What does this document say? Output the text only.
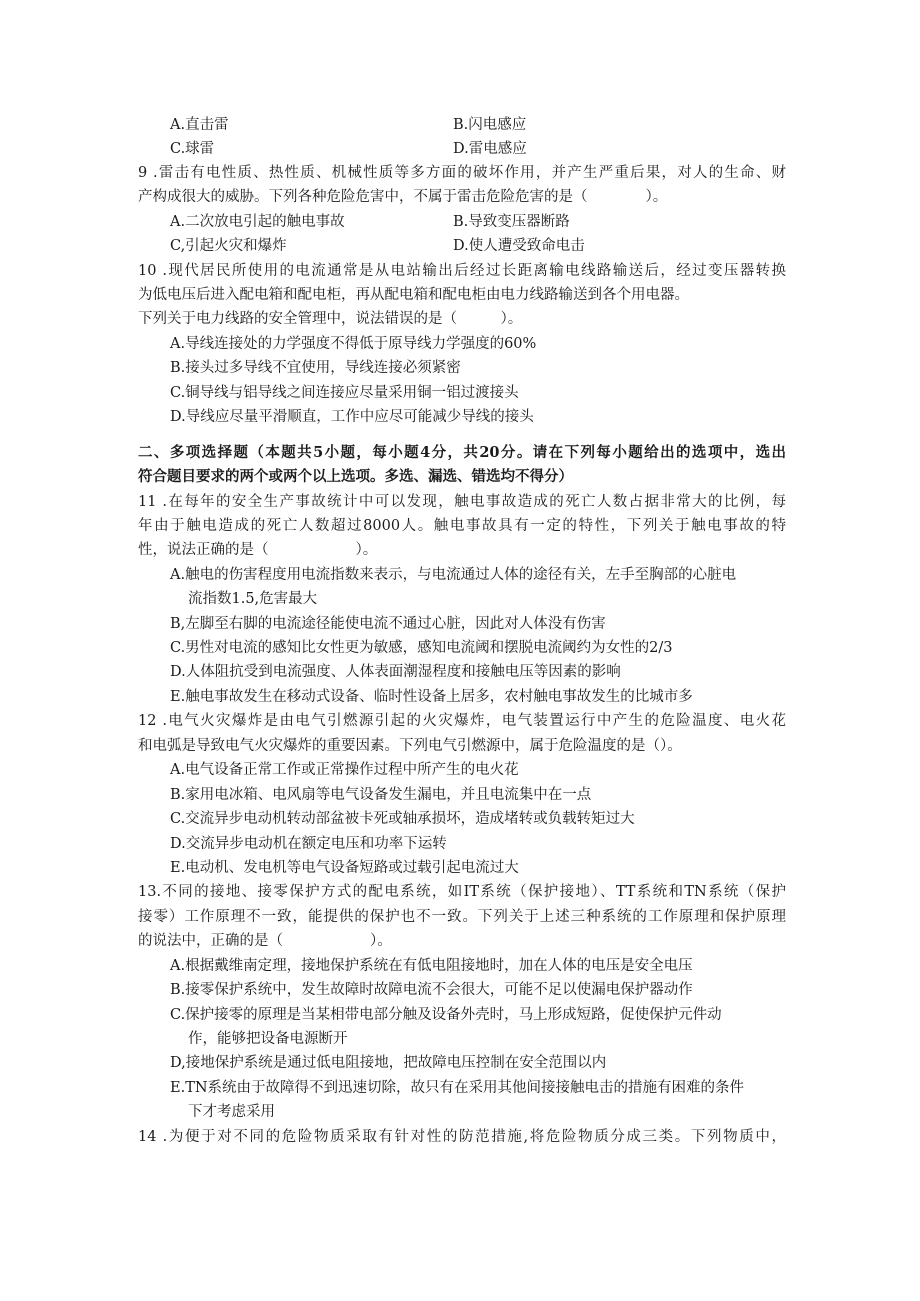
A.直击雷	B.闪电感应
C.球雷	D.雷电感应
9 .雷击有电性质、热性质、机械性质等多方面的破坏作用，并产生严重后果，对人的生命、财
产构成很大的威胁。下列各种危险危害中，不属于雷击危险危害的是（　　　　）。
A.二次放电引起的触电事故	B.导致变压器断路
C,引起火灾和爆炸	D.使人遭受致命电击
10 .现代居民所使用的电流通常是从电站输出后经过长距离输电线路输送后，经过变压器转换
为低电压后进入配电箱和配电柜，再从配电箱和配电柜由电力线路输送到各个用电器。
下列关于电力线路的安全管理中，说法错误的是（　　　）。
A.导线连接处的力学强度不得低于原导线力学强度的60%
B.接头过多导线不宜使用，导线连接必须紧密
C.铜导线与铝导线之间连接应尽量采用铜一铝过渡接头
D.导线应尽量平滑顺直，工作中应尽可能减少导线的接头
二、多项选择题（本题共5小题，每小题4分，共20分。请在下列每小题给出的选项中，选出
符合题目要求的两个或两个以上选项。多选、漏选、错选均不得分）
11 .在每年的安全生产事故统计中可以发现，触电事故造成的死亡人数占据非常大的比例，每
年由于触电造成的死亡人数超过8000人。触电事故具有一定的特性，下列关于触电事故的特
性，说法正确的是（　　　　　　）。
A.触电的伤害程度用电流指数来表示，与电流通过人体的途径有关，左手至胸部的心脏电
流指数1.5,危害最大
B,左脚至右脚的电流途径能使电流不通过心脏，因此对人体没有伤害
C.男性对电流的感知比女性更为敏感，感知电流阈和摆脱电流阈约为女性的2/3
D.人体阻抗受到电流强度、人体表面潮湿程度和接触电压等因素的影响
E.触电事故发生在移动式设备、临时性设备上居多，农村触电事故发生的比城市多
12 .电气火灾爆炸是由电气引燃源引起的火灾爆炸，电气装置运行中产生的危险温度、电火花
和电弧是导致电气火灾爆炸的重要因素。下列电气引燃源中，属于危险温度的是（）。
A.电气设备正常工作或正常操作过程中所产生的电火花
B.家用电冰箱、电风扇等电气设备发生漏电，并且电流集中在一点
C.交流异步电动机转动部盆被卡死或轴承损坏，造成堵转或负载转矩过大
D.交流异步电动机在额定电压和功率下运转
E.电动机、发电机等电气设备短路或过载引起电流过大
13.不同的接地、接零保护方式的配电系统，如IT系统（保护接地）、TT系统和TN系统（保护
接零）工作原理不一致，能提供的保护也不一致。下列关于上述三种系统的工作原理和保护原理
的说法中，正确的是（　　　　　　）。
A.根据戴维南定理，接地保护系统在有低电阻接地时，加在人体的电压是安全电压
B.接零保护系统中，发生故障时故障电流不会很大，可能不足以使漏电保护器动作
C.保护接零的原理是当某相带电部分触及设备外壳时，马上形成短路，促使保护元件动
作，能够把设备电源断开
D,接地保护系统是通过低电阻接地，把故障电压控制在安全范围以内
E.TN系统由于故障得不到迅速切除，故只有在采用其他间接接触电击的措施有困难的条件
下才考虑采用
14 .为便于对不同的危险物质采取有针对性的防范措施,将危险物质分成三类。下列物质中，
